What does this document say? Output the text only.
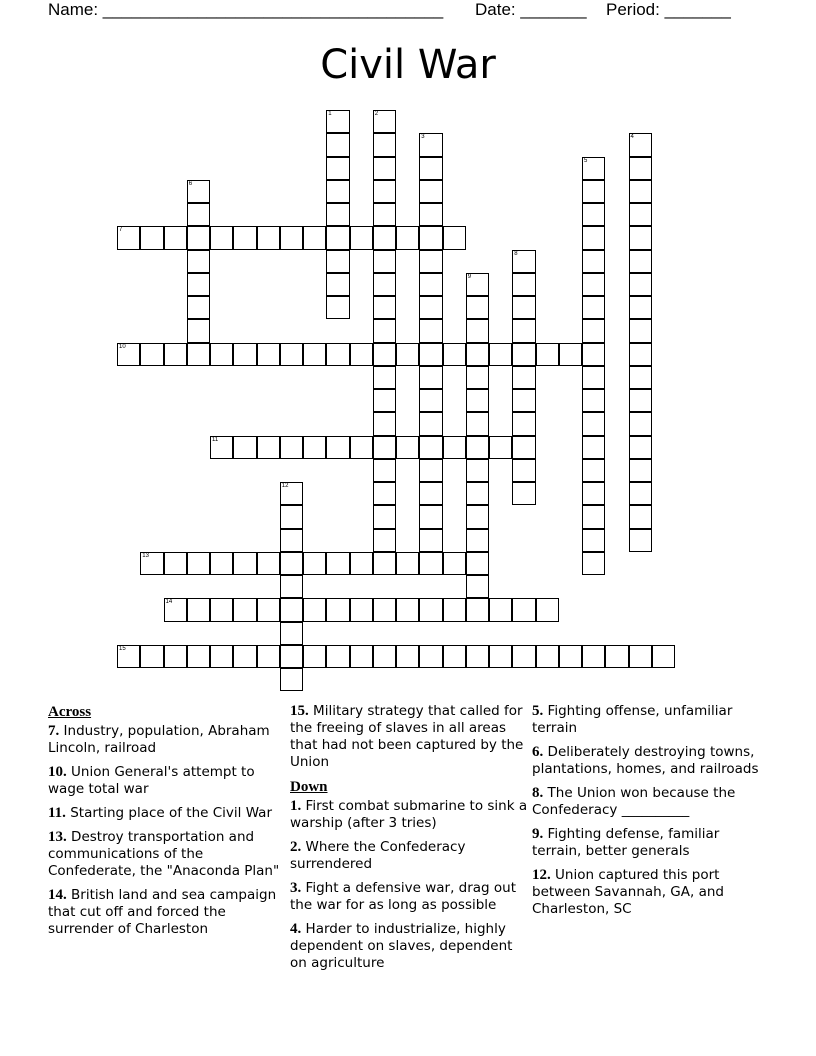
Name: ____________________________________ Date: _______ Period: _______
Civil War
1	2
3	4
5
6
7
8
9
10
11
12
13
14
15
Across

7. Industry, population, Abraham Lincoln, railroad

10. Union General's attempt to wage total war

11. Starting place of the Civil War

13. Destroy transportation and communications of the Confederate, the "Anaconda Plan"

14. British land and sea campaign that cut off and forced the surrender of Charleston

15. Military strategy that called for the freeing of slaves in all areas that had not been captured by the Union

Down

1. First combat submarine to sink a warship (after 3 tries)

2. Where the Confederacy surrendered

3. Fight a defensive war, drag out the war for as long as possible

4. Harder to industrialize, highly dependent on slaves, dependent on agriculture

5. Fighting offense, unfamiliar terrain

6. Deliberately destroying towns, plantations, homes, and railroads

8. The Union won because the Confederacy __________

9. Fighting defense, familiar terrain, better generals

12. Union captured this port between Savannah, GA, and Charleston, SC
